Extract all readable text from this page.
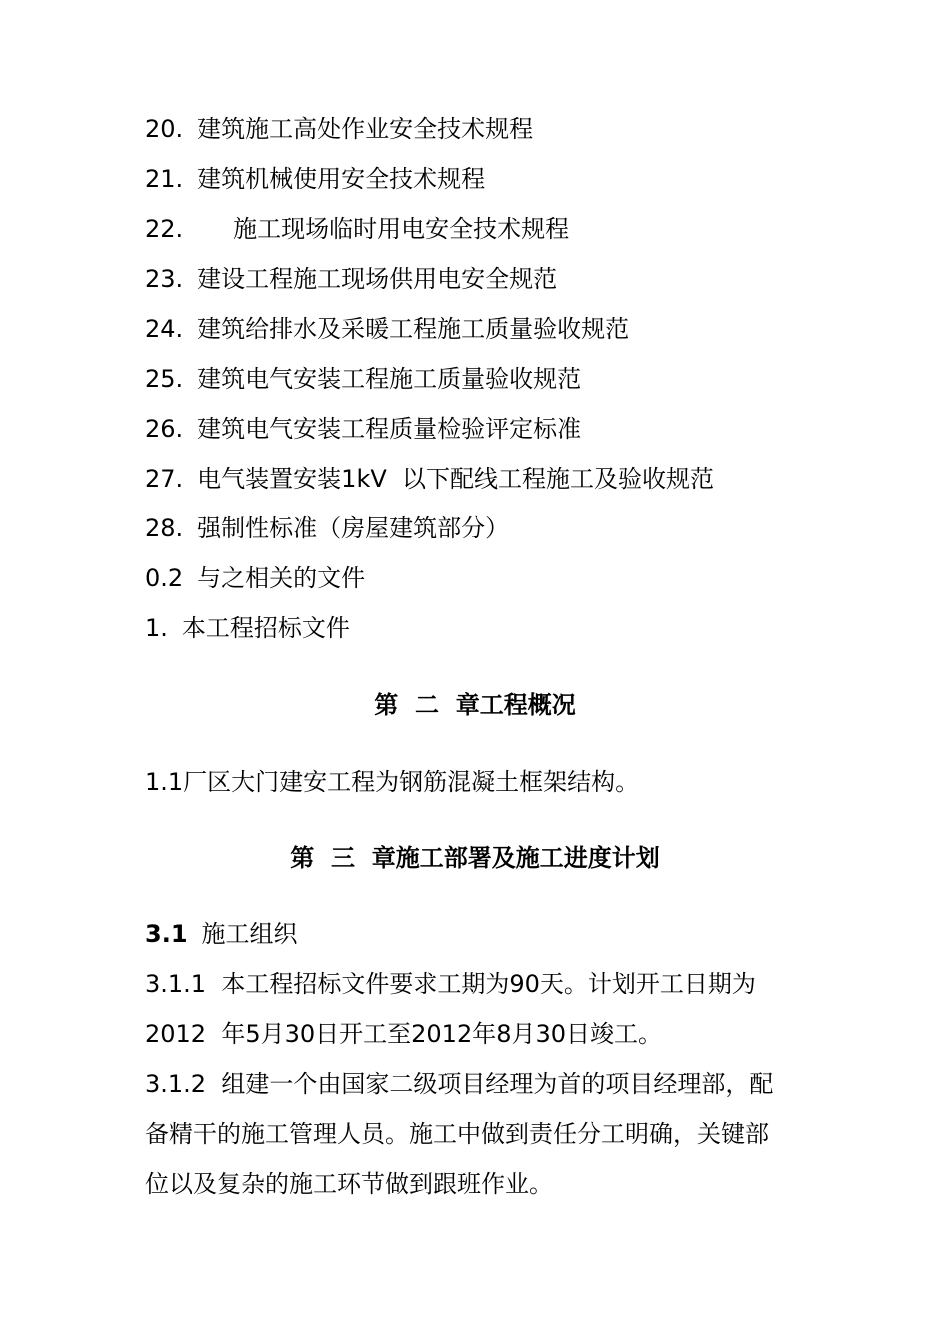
20. 建筑施工高处作业安全技术规程
21. 建筑机械使用安全技术规程
22. 施工现场临时用电安全技术规程
23. 建设工程施工现场供用电安全规范
24. 建筑给排水及采暖工程施工质量验收规范
25. 建筑电气安装工程施工质量验收规范
26. 建筑电气安装工程质量检验评定标准
27. 电气装置安装1kV  以下配线工程施工及验收规范
28. 强制性标准（房屋建筑部分）
0.2 与之相关的文件
1. 本工程招标文件
第  二  章工程概况
1.1厂区大门建安工程为钢筋混凝土框架结构。
第  三  章施工部署及施工进度计划
3.1 施工组织
3.1.1  本工程招标文件要求工期为90天。计划开工日期为
2012  年5月30日开工至2012年8月30日竣工。
3.1.2  组建一个由国家二级项目经理为首的项目经理部，配
备精干的施工管理人员。施工中做到责任分工明确，关键部
位以及复杂的施工环节做到跟班作业。
